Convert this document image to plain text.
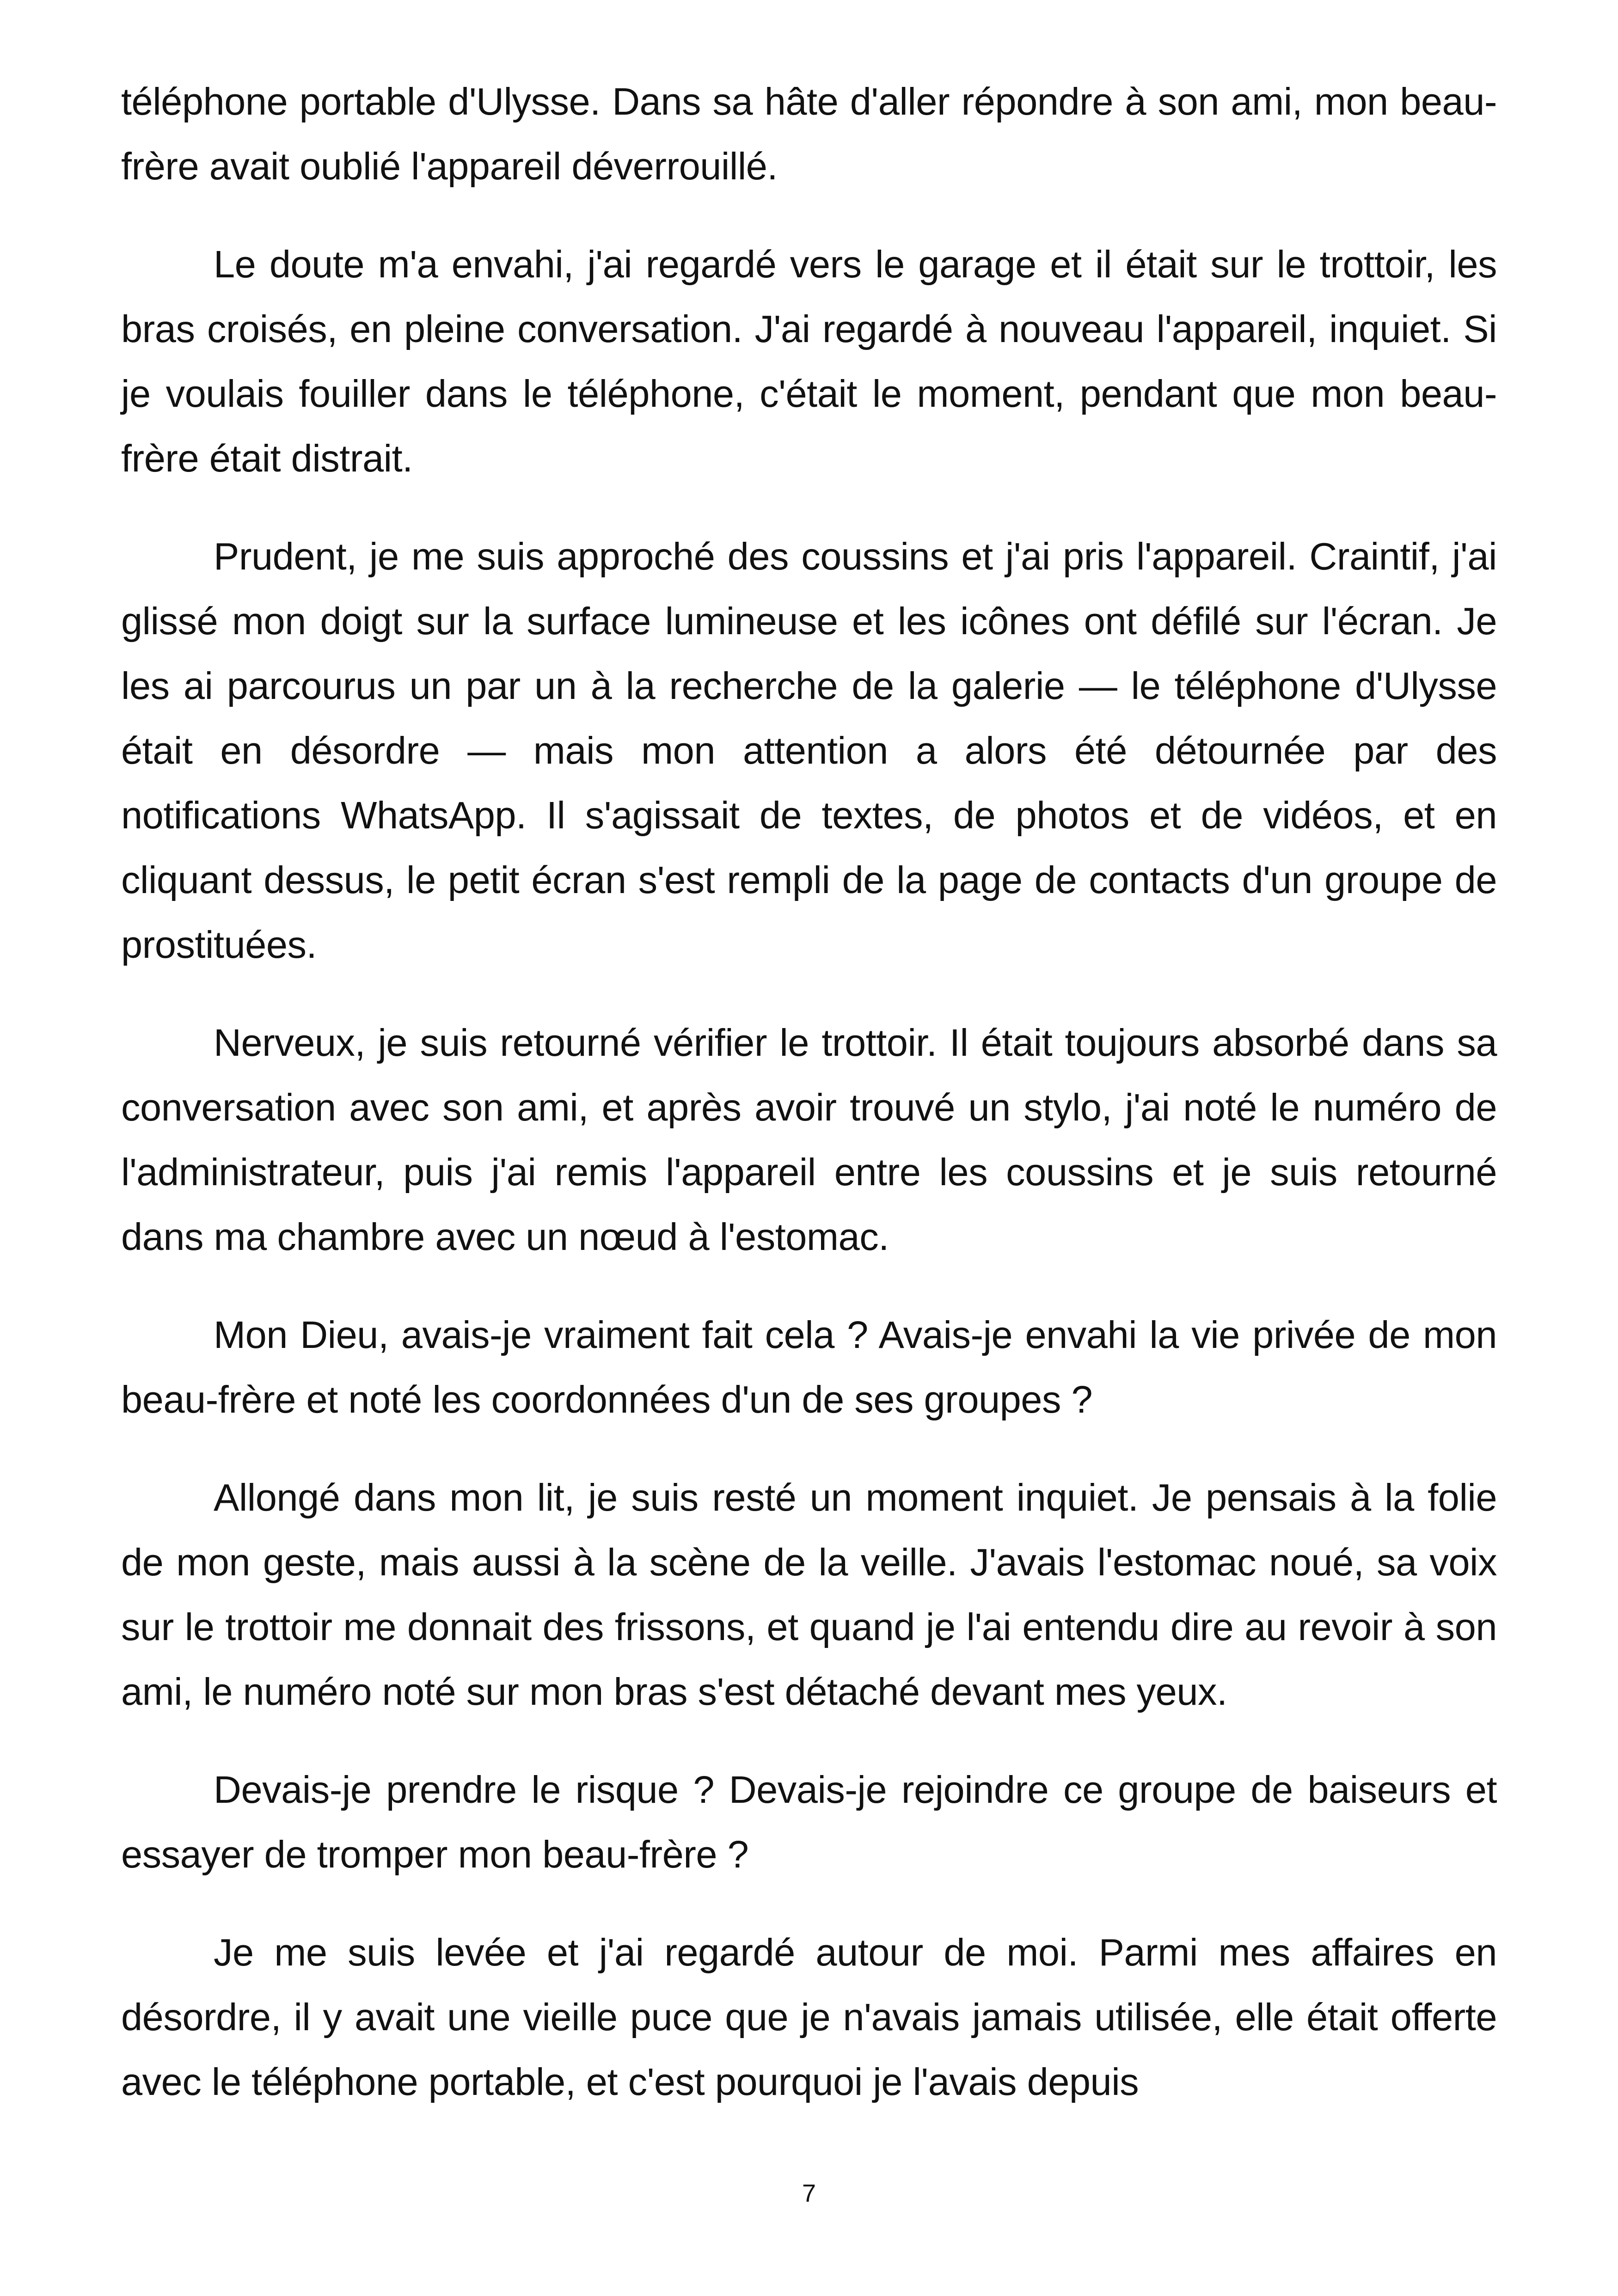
téléphone portable d'Ulysse. Dans sa hâte d'aller répondre à son ami, mon beau-frère avait oublié l'appareil déverrouillé.

Le doute m'a envahi, j'ai regardé vers le garage et il était sur le trottoir, les bras croisés, en pleine conversation. J'ai regardé à nouveau l'appareil, inquiet. Si je voulais fouiller dans le téléphone, c'était le moment, pendant que mon beau-frère était distrait.

Prudent, je me suis approché des coussins et j'ai pris l'appareil. Craintif, j'ai glissé mon doigt sur la surface lumineuse et les icônes ont défilé sur l'écran. Je les ai parcourus un par un à la recherche de la galerie — le téléphone d'Ulysse était en désordre — mais mon attention a alors été détournée par des notifications WhatsApp. Il s'agissait de textes, de photos et de vidéos, et en cliquant dessus, le petit écran s'est rempli de la page de contacts d'un groupe de prostituées.

Nerveux, je suis retourné vérifier le trottoir. Il était toujours absorbé dans sa conversation avec son ami, et après avoir trouvé un stylo, j'ai noté le numéro de l'administrateur, puis j'ai remis l'appareil entre les coussins et je suis retourné dans ma chambre avec un nœud à l'estomac.

Mon Dieu, avais-je vraiment fait cela ? Avais-je envahi la vie privée de mon beau-frère et noté les coordonnées d'un de ses groupes ?

Allongé dans mon lit, je suis resté un moment inquiet. Je pensais à la folie de mon geste, mais aussi à la scène de la veille. J'avais l'estomac noué, sa voix sur le trottoir me donnait des frissons, et quand je l'ai entendu dire au revoir à son ami, le numéro noté sur mon bras s'est détaché devant mes yeux.

Devais-je prendre le risque ? Devais-je rejoindre ce groupe de baiseurs et essayer de tromper mon beau-frère ?

Je me suis levée et j'ai regardé autour de moi. Parmi mes affaires en désordre, il y avait une vieille puce que je n'avais jamais utilisée, elle était offerte avec le téléphone portable, et c'est pourquoi je l'avais depuis

7
